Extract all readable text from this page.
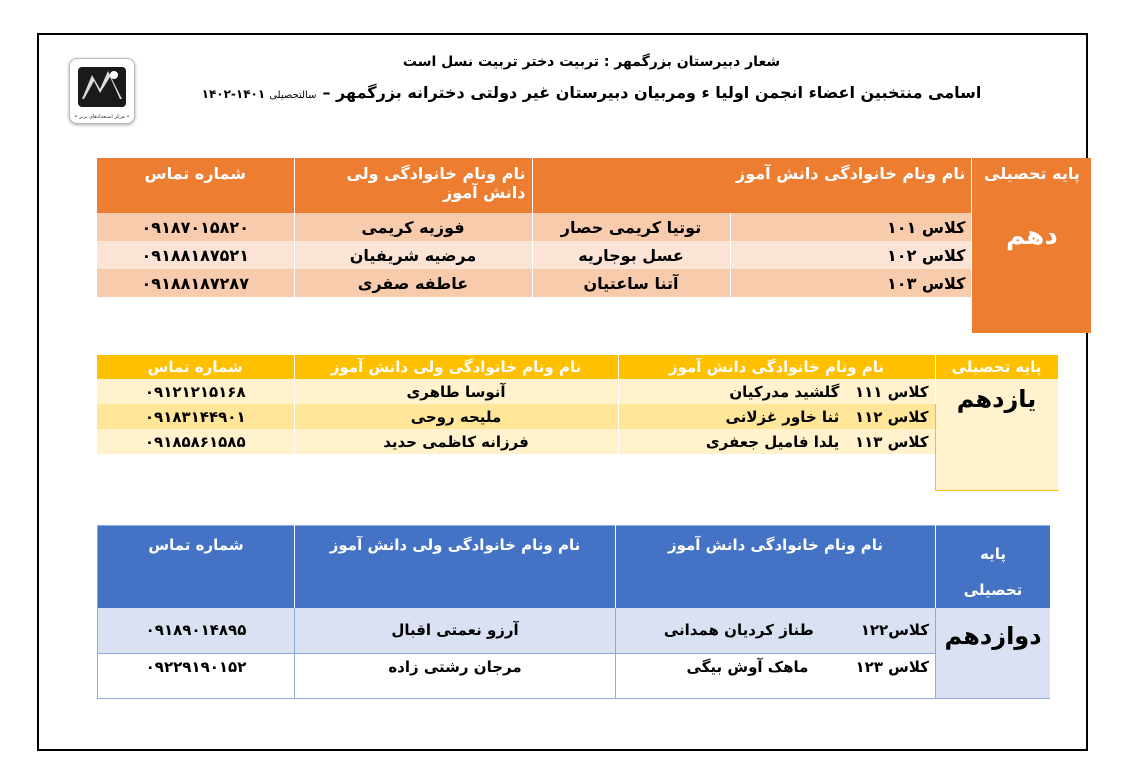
• مرکز استعدادهای برتر •
شعار دبیرستان بزرگمهر : تربیت دختر تربیت نسل است
اسامی منتخبین اعضاء انجمن اولیا ء ومربیان دبیرستان غیر دولتی دخترانه بزرگمهر –سالتحصیلی۱۴۰۱-۱۴۰۲
شماره تماس	نام ونام خانوادگی ولی دانش آموز		نام ونام خانوادگی دانش آموز	پایه تحصیلی
۰۹۱۸۷۰۱۵۸۲۰	فوزیه کریمی	توتیا کریمی حصار	کلاس ۱۰۱	دهم
۰۹۱۸۸۱۸۷۵۲۱	مرضیه شریفیان	عسل بوجاریه	کلاس ۱۰۲	
۰۹۱۸۸۱۸۷۲۸۷	عاطفه صفری	آتنا ساعتیان	کلاس ۱۰۳	

شماره تماس	نام ونام خانوادگی ولی دانش آموز	نام ونام خانوادگی دانش آموز	پایه تحصیلی
۰۹۱۲۱۲۱۵۱۶۸	آنوسا طاهری	کلاس ۱۱۱   گلشید مدرکیان	یازدهم
۰۹۱۸۳۱۴۴۹۰۱	ملیحه روحی	کلاس ۱۱۲   ثنا خاور غزلانی	
۰۹۱۸۵۸۶۱۵۸۵	فرزانه کاظمی حدید	کلاس ۱۱۳   یلدا فامیل جعفری	

شماره تماس	نام ونام خانوادگی ولی دانش آموز	نام ونام خانوادگی دانش آموز	پایه
تحصیلی
۰۹۱۸۹۰۱۴۸۹۵	آرزو نعمتی اقبال	کلاس۱۲۲         طناز کردیان همدانی	دوازدهم
۰۹۲۲۹۱۹۰۱۵۲	مرجان رشتی زاده	کلاس ۱۲۳         ماهک آوش بیگی	
